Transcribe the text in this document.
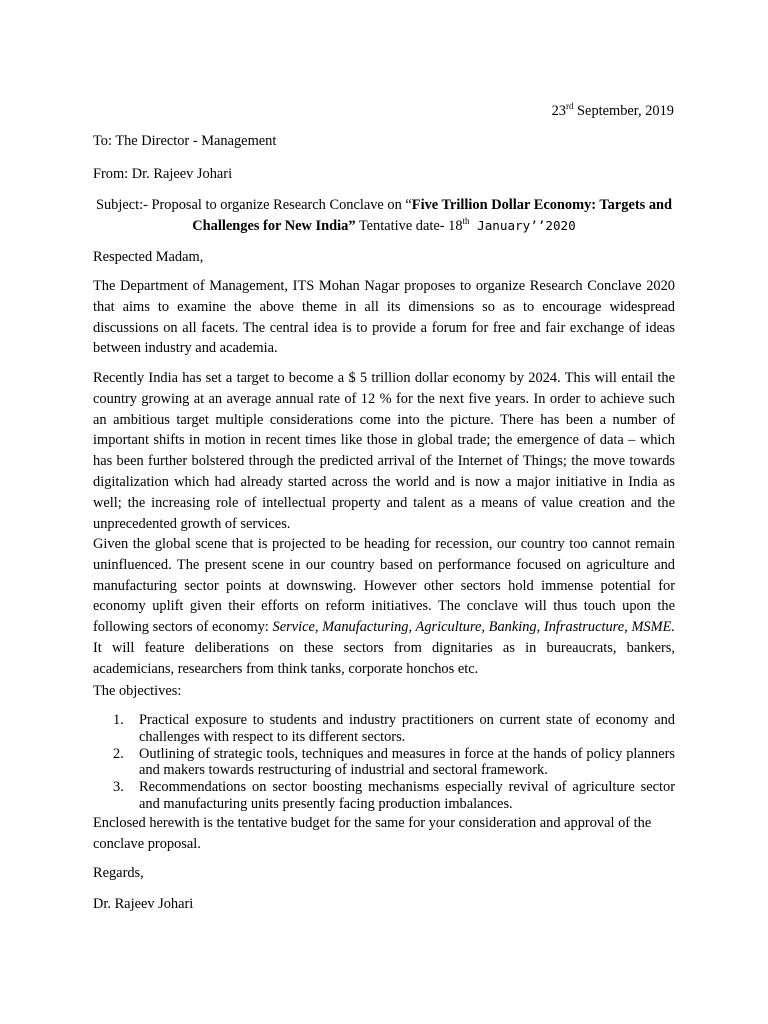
23rd September, 2019

To: The Director - Management

From: Dr. Rajeev Johari

Subject:- Proposal to organize Research Conclave on “Five Trillion Dollar Economy: Targets and Challenges for New India” Tentative date- 18th January’’2020

Respected Madam,

The Department of Management, ITS Mohan Nagar proposes to organize Research Conclave 2020 that aims to examine the above theme in all its dimensions so as to encourage widespread discussions on all facets. The central idea is to provide a forum for free and fair exchange of ideas between industry and academia.

Recently India has set a target to become a $ 5 trillion dollar economy by 2024. This will entail the country growing at an average annual rate of 12 % for the next five years. In order to achieve such an ambitious target multiple considerations come into the picture. There has been a number of important shifts in motion in recent times like those in global trade; the emergence of data – which has been further bolstered through the predicted arrival of the Internet of Things; the move towards digitalization which had already started across the world and is now a major initiative in India as well; the increasing role of intellectual property and talent as a means of value creation and the unprecedented growth of services.

Given the global scene that is projected to be heading for recession, our country too cannot remain uninfluenced. The present scene in our country based on performance focused on agriculture and manufacturing sector points at downswing. However other sectors hold immense potential for economy uplift given their efforts on reform initiatives. The conclave will thus touch upon the following sectors of economy: Service, Manufacturing, Agriculture, Banking, Infrastructure, MSME. It will feature deliberations on these sectors from dignitaries as in bureaucrats, bankers, academicians, researchers from think tanks, corporate honchos etc.

The objectives:

1. Practical exposure to students and industry practitioners on current state of economy and challenges with respect to its different sectors.
2. Outlining of strategic tools, techniques and measures in force at the hands of policy planners and makers towards restructuring of industrial and sectoral framework.
3. Recommendations on sector boosting mechanisms especially revival of agriculture sector and manufacturing units presently facing production imbalances.

Enclosed herewith is the tentative budget for the same for your consideration and approval of the conclave proposal.

Regards,

Dr. Rajeev Johari
